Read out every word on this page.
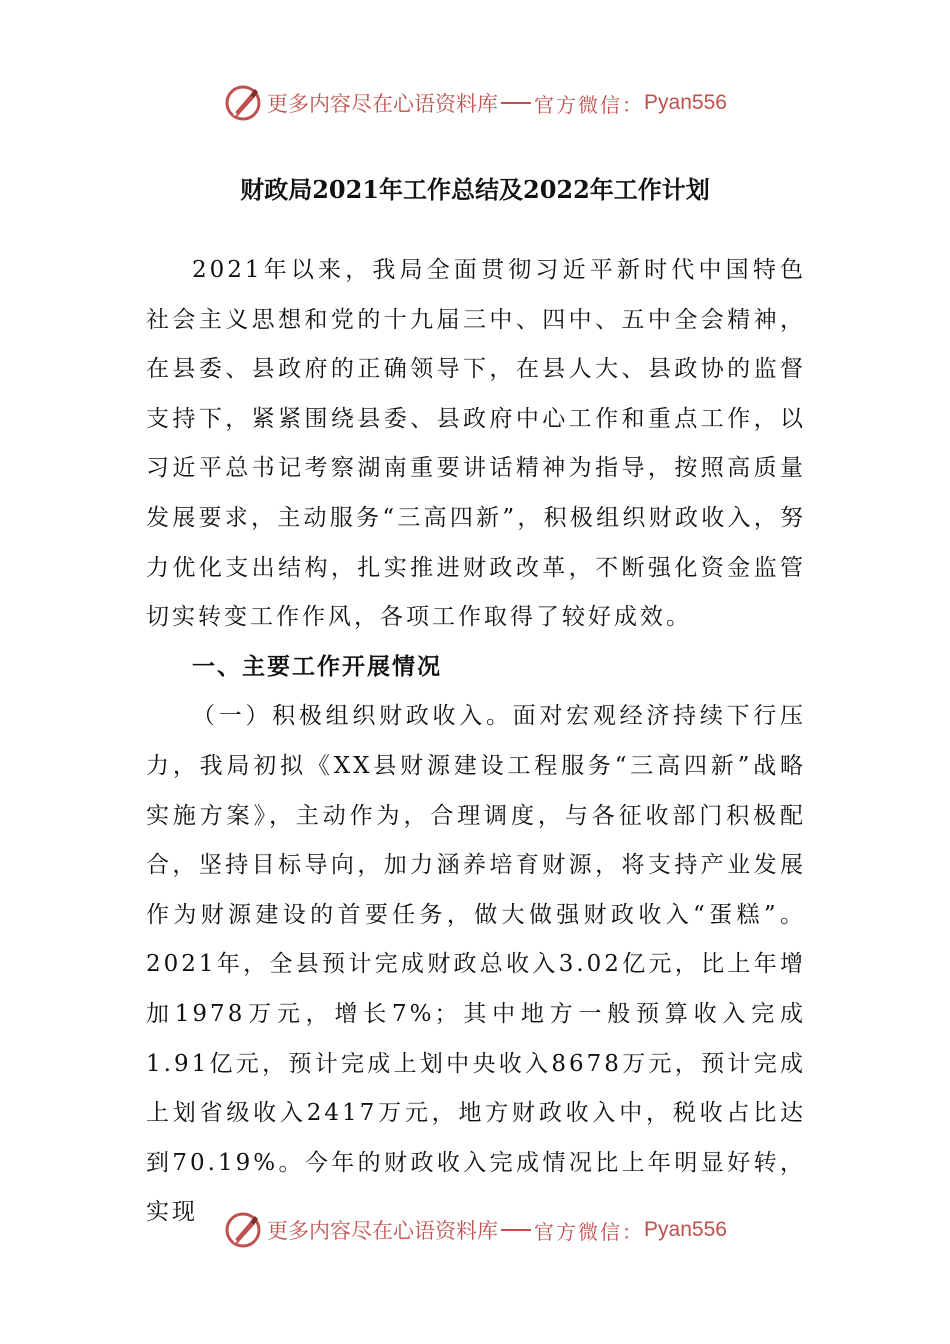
更多内容尽在心语资料库 官方微信： Pyan556
财政局2021年工作总结及2022年工作计划

2021年以来，我局全面贯彻习近平新时代中国特色社会主义思想和党的十九届三中、四中、五中全会精神，在县委、县政府的正确领导下，在县人大、县政协的监督支持下，紧紧围绕县委、县政府中心工作和重点工作，以习近平总书记考察湖南重要讲话精神为指导，按照高质量发展要求，主动服务“三高四新”，积极组织财政收入，努力优化支出结构，扎实推进财政改革，不断强化资金监管切实转变工作作风，各项工作取得了较好成效。

一、主要工作开展情况

（一）积极组织财政收入。面对宏观经济持续下行压力，我局初拟《XX县财源建设工程服务“三高四新”战略实施方案》，主动作为，合理调度，与各征收部门积极配合，坚持目标导向，加力涵养培育财源，将支持产业发展作为财源建设的首要任务，做大做强财政收入“蛋糕”。2021年，全县预计完成财政总收入3.02亿元，比上年增加1978万元，增长7%；其中地方一般预算收入完成1.91亿元，预计完成上划中央收入8678万元，预计完成上划省级收入2417万元，地方财政收入中，税收占比达到70.19%。今年的财政收入完成情况比上年明显好转，实现

更多内容尽在心语资料库 官方微信： Pyan556
